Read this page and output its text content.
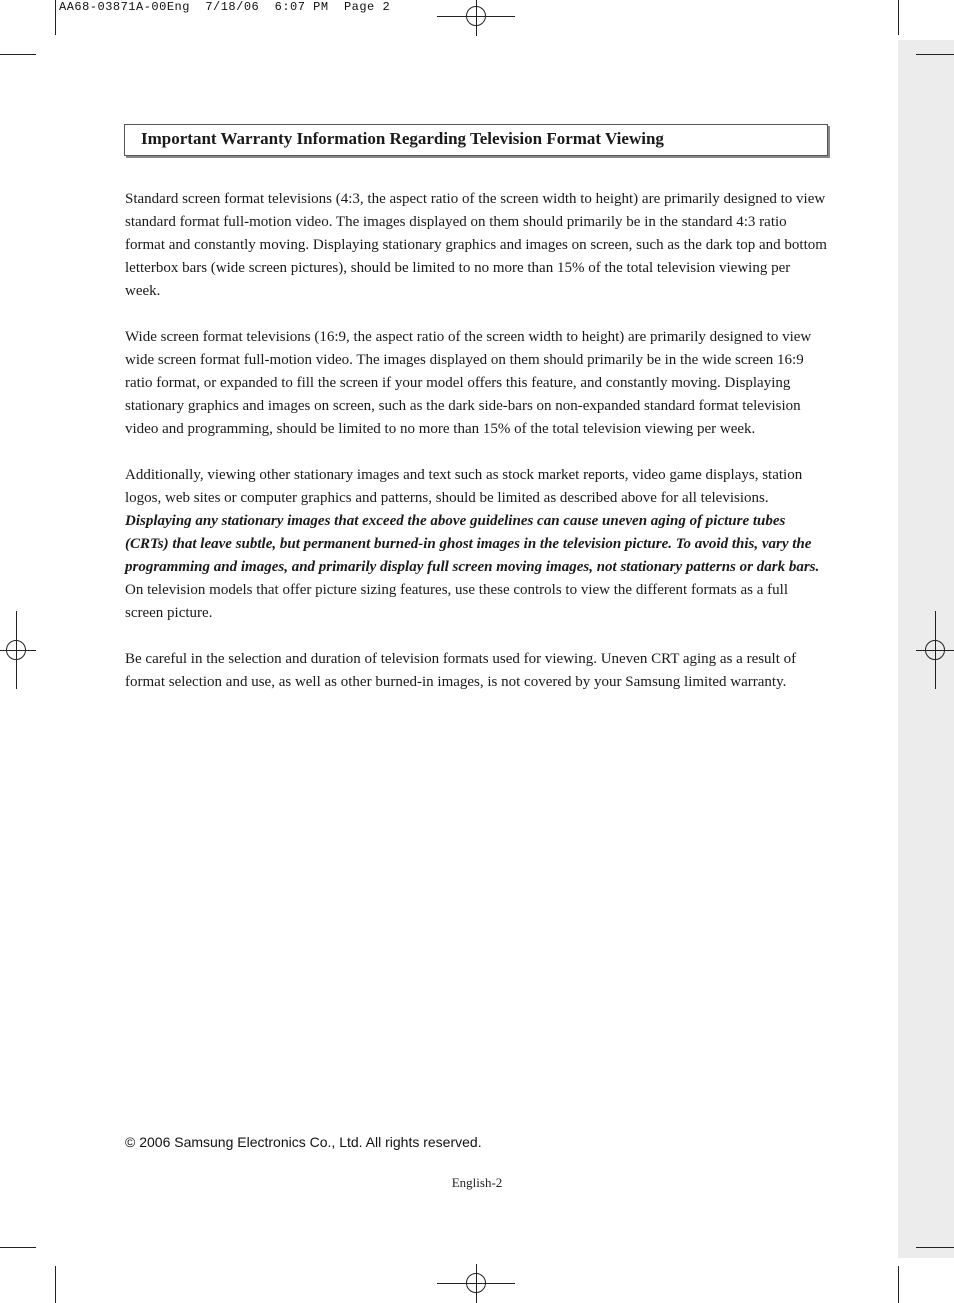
AA68-03871A-00Eng  7/18/06  6:07 PM  Page 2
Important Warranty Information Regarding Television Format Viewing

Standard screen format televisions (4:3, the aspect ratio of the screen width to height) are primarily designed to view standard format full-motion video. The images displayed on them should primarily be in the standard 4:3 ratio format and constantly moving. Displaying stationary graphics and images on screen, such as the dark top and bottom letterbox bars (wide screen pictures), should be limited to no more than 15% of the total television viewing per week.

Wide screen format televisions (16:9, the aspect ratio of the screen width to height) are primarily designed to view wide screen format full-motion video. The images displayed on them should primarily be in the wide screen 16:9 ratio format, or expanded to fill the screen if your model offers this feature, and constantly moving. Displaying stationary graphics and images on screen, such as the dark side-bars on non-expanded standard format television video and programming, should be limited to no more than 15% of the total television viewing per week.

Additionally, viewing other stationary images and text such as stock market reports, video game displays, station logos, web sites or computer graphics and patterns, should be limited as described above for all televisions. Displaying any stationary images that exceed the above guidelines can cause uneven aging of picture tubes (CRTs) that leave subtle, but permanent burned-in ghost images in the television picture. To avoid this, vary the programming and images, and primarily display full screen moving images, not stationary patterns or dark bars. On television models that offer picture sizing features, use these controls to view the different formats as a full screen picture.

Be careful in the selection and duration of television formats used for viewing. Uneven CRT aging as a result of format selection and use, as well as other burned-in images, is not covered by your Samsung limited warranty.

© 2006 Samsung Electronics Co., Ltd. All rights reserved.
English-2
